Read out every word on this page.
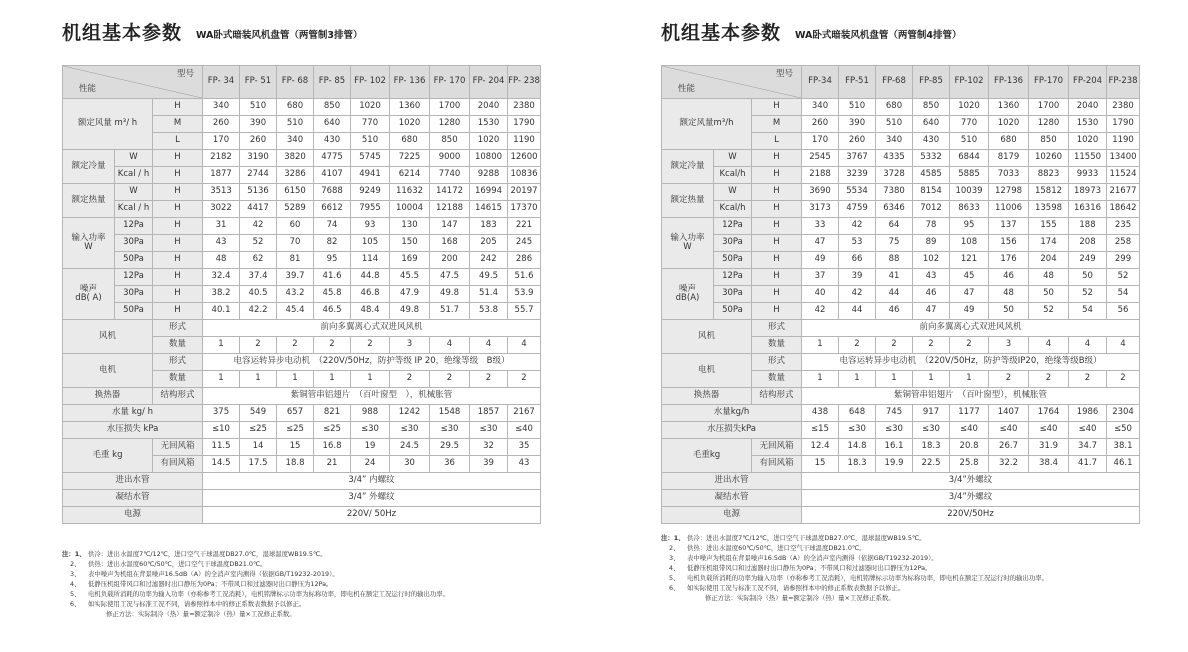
机组基本参数 WA卧式暗装风机盘管（两管制3排管）
型号
性能			FP- 34	FP- 51	FP- 68	FP- 85	FP- 102	FP- 136	FP- 170	FP- 204	FP- 238
额定风量 m³/ h		H	340	510	680	850	1020	1360	1700	2040	2380
		M	260	390	510	640	770	1020	1280	1530	1790
		L	170	260	340	430	510	680	850	1020	1190
额定冷量	W	H	2182	3190	3820	4775	5745	7225	9000	10800	12600
	Kcal / h	H	1877	2744	3286	4107	4941	6214	7740	9288	10836
额定热量	W	H	3513	5136	6150	7688	9249	11632	14172	16994	20197
	Kcal / h	H	3022	4417	5289	6612	7955	10004	12188	14615	17370

输入功率
W	12Pa	H	31	42	60	74	93	130	147	183	221
	30Pa	H	43	52	70	82	105	150	168	205	245
	50Pa	H	48	62	81	95	114	169	200	242	286

噪声
dB( A)	12Pa	H	32.4	37.4	39.7	41.6	44.8	45.5	47.5	49.5	51.6
	30Pa	H	38.2	40.5	43.2	45.8	46.8	47.9	49.8	51.4	53.9
	50Pa	H	40.1	42.2	45.4	46.5	48.4	49.8	51.7	53.8	55.7
风机		形式	前向多翼离心式双进风风机								
		数量	1	2	2	2	2	3	4	4	4
电机		形式	电容运转异步电动机　（220V/50Hz，防护等级 IP 20，绝缘等级　B级）								
		数量	1	1	1	1	1	2	2	2	2
换热器		结构形式	紫铜管串铝翅片　（百叶窗型　），机械胀管								
水量 kg/ h			375	549	657	821	988	1242	1548	1857	2167
水压损失 kPa			≤10	≤25	≤25	≤25	≤30	≤30	≤30	≤30	≤40
毛重 kg		无回风箱	11.5	14	15	16.8	19	24.5	29.5	32	35
		有回风箱	14.5	17.5	18.8	21	24	30	36	39	43
进出水管			3/4” 内螺纹								
凝结水管			3/4” 外螺纹								
电源			220V/ 50Hz								
注：1、 供冷：进出水温度7℃/12℃，进口空气干球温度DB27.0℃，湿球温度WB19.5℃。
2、 供热：进出水温度60℃/50℃，进口空气干球温度DB21.0℃。
3、 表中噪声为机组在背景噪声16.5dB（A）的全消声室内测得（依据GB/T19232-2019）。
4、 低静压机组带风口和过滤器时出口静压为0Pa；不带风口和过滤器时出口静压为12Pa。
5、 电机负载所消耗的功率为输入功率（亦称参考工况消耗），电机铭牌标示功率为标称功率，即电机在额定工况运行时的输出功率。
6、 如实际使用工况与标准工况不同，请参照样本中的修正系数表数据予以修正。
修正方法：实际制冷（热）量=额定制冷（热）量×工况修正系数。
机组基本参数 WA卧式暗装风机盘管（两管制4排管）
型号
性能			FP-34	FP-51	FP-68	FP-85	FP-102	FP-136	FP-170	FP-204	FP-238
额定风量m³/h		H	340	510	680	850	1020	1360	1700	2040	2380
		M	260	390	510	640	770	1020	1280	1530	1790
		L	170	260	340	430	510	680	850	1020	1190
额定冷量	W	H	2545	3767	4335	5332	6844	8179	10260	11550	13400
	Kcal/h	H	2188	3239	3728	4585	5885	7033	8823	9933	11524
额定热量	W	H	3690	5534	7380	8154	10039	12798	15812	18973	21677
	Kcal/h	H	3173	4759	6346	7012	8633	11006	13598	16316	18642

输入功率
W	12Pa	H	33	42	64	78	95	137	155	188	235
	30Pa	H	47	53	75	89	108	156	174	208	258
	50Pa	H	49	66	88	102	121	176	204	249	299

噪声
dB(A)	12Pa	H	37	39	41	43	45	46	48	50	52
	30Pa	H	40	42	44	46	47	48	50	52	54
	50Pa	H	42	44	46	47	49	50	52	54	56
风机		形式	前向多翼离心式双进风风机								
		数量	1	2	2	2	2	3	4	4	4
电机		形式	电容运转异步电动机　（220V/50Hz，防护等级IP20，绝缘等级B级）								
		数量	1	1	1	1	1	2	2	2	2
换热器		结构形式	紫铜管串铝翅片　（百叶窗型），机械胀管								
水量kg/h			438	648	745	917	1177	1407	1764	1986	2304
水压损失kPa			≤15	≤30	≤30	≤30	≤40	≤40	≤40	≤40	≤50
毛重kg		无回风箱	12.4	14.8	16.1	18.3	20.8	26.7	31.9	34.7	38.1
		有回风箱	15	18.3	19.9	22.5	25.8	32.2	38.4	41.7	46.1
进出水管			3/4”外螺纹								
凝结水管			3/4”外螺纹								
电源			220V/50Hz								
注：1、 供冷：进出水温度7℃/12℃，进口空气干球温度DB27.0℃，湿球温度WB19.5℃。
2、 供热：进出水温度60℃/50℃，进口空气干球温度DB21.0℃。
3、 表中噪声为机组在背景噪声16.5dB（A）的全消声室内测得（依据GB/T19232-2019）。
4、 低静压机组带风口和过滤器时出口静压为0Pa；不带风口和过滤器时出口静压为12Pa。
5、 电机负载所消耗的功率为输入功率（亦称参考工况消耗），电机铭牌标示功率为标称功率，即电机在额定工况运行时的输出功率。
6、 如实际使用工况与标准工况不同，请参照样本中的修正系数表数据予以修正。
修正方法：实际制冷（热）量=额定制冷（热）量×工况修正系数。
